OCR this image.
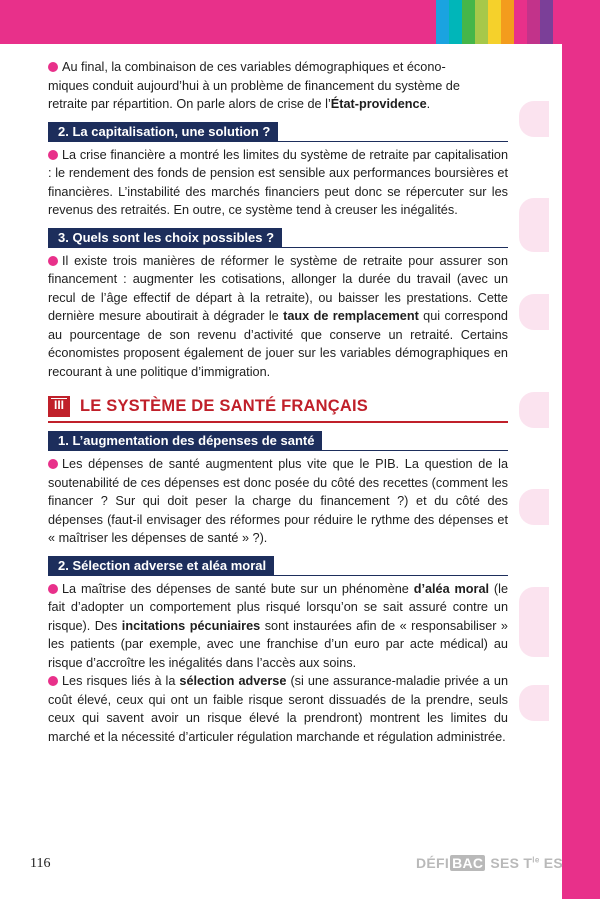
Au final, la combinaison de ces variables démographiques et écono-
miques conduit aujourd’hui à un problème de financement du système de
retraite par répartition. On parle alors de crise de l’État-providence.

2. La capitalisation, une solution ?

La crise financière a montré les limites du système de retraite par capitalisation : le rendement des fonds de pension est sensible aux performances boursières et financières. L’instabilité des marchés financiers peut donc se répercuter sur les revenus des retraités. En outre, ce système tend à creuser les inégalités.

3. Quels sont les choix possibles ?

Il existe trois manières de réformer le système de retraite pour assurer son financement : augmenter les cotisations, allonger la durée du travail (avec un recul de l’âge effectif de départ à la retraite), ou baisser les prestations. Cette dernière mesure aboutirait à dégrader le taux de remplacement qui correspond au pourcentage de son revenu d’activité que conserve un retraité. Certains économistes proposent également de jouer sur les variables démographiques en recourant à une politique d’immigration.

III LE SYSTÈME DE SANTÉ FRANÇAIS
1. L’augmentation des dépenses de santé

Les dépenses de santé augmentent plus vite que le PIB. La question de la soutenabilité de ces dépenses est donc posée du côté des recettes (comment les financer ? Sur qui doit peser la charge du financement ?) et du côté des dépenses (faut-il envisager des réformes pour réduire le rythme des dépenses et « maîtriser les dépenses de santé » ?).

2. Sélection adverse et aléa moral

La maîtrise des dépenses de santé bute sur un phénomène d’aléa moral (le fait d’adopter un comportement plus risqué lorsqu’on se sait assuré contre un risque). Des incitations pécuniaires sont instaurées afin de « responsabiliser » les patients (par exemple, avec une franchise d’un euro par acte médical) au risque d’accroître les inégalités dans l’accès aux soins.

Les risques liés à la sélection adverse (si une assurance-maladie privée a un coût élevé, ceux qui ont un faible risque seront dissuadés de la prendre, seuls ceux qui savent avoir un risque élevé la prendront) montrent les limites du marché et la nécessité d’articuler régulation marchande et régulation administrée.

116	DÉFI BAC SES $T^{le}$ ES
